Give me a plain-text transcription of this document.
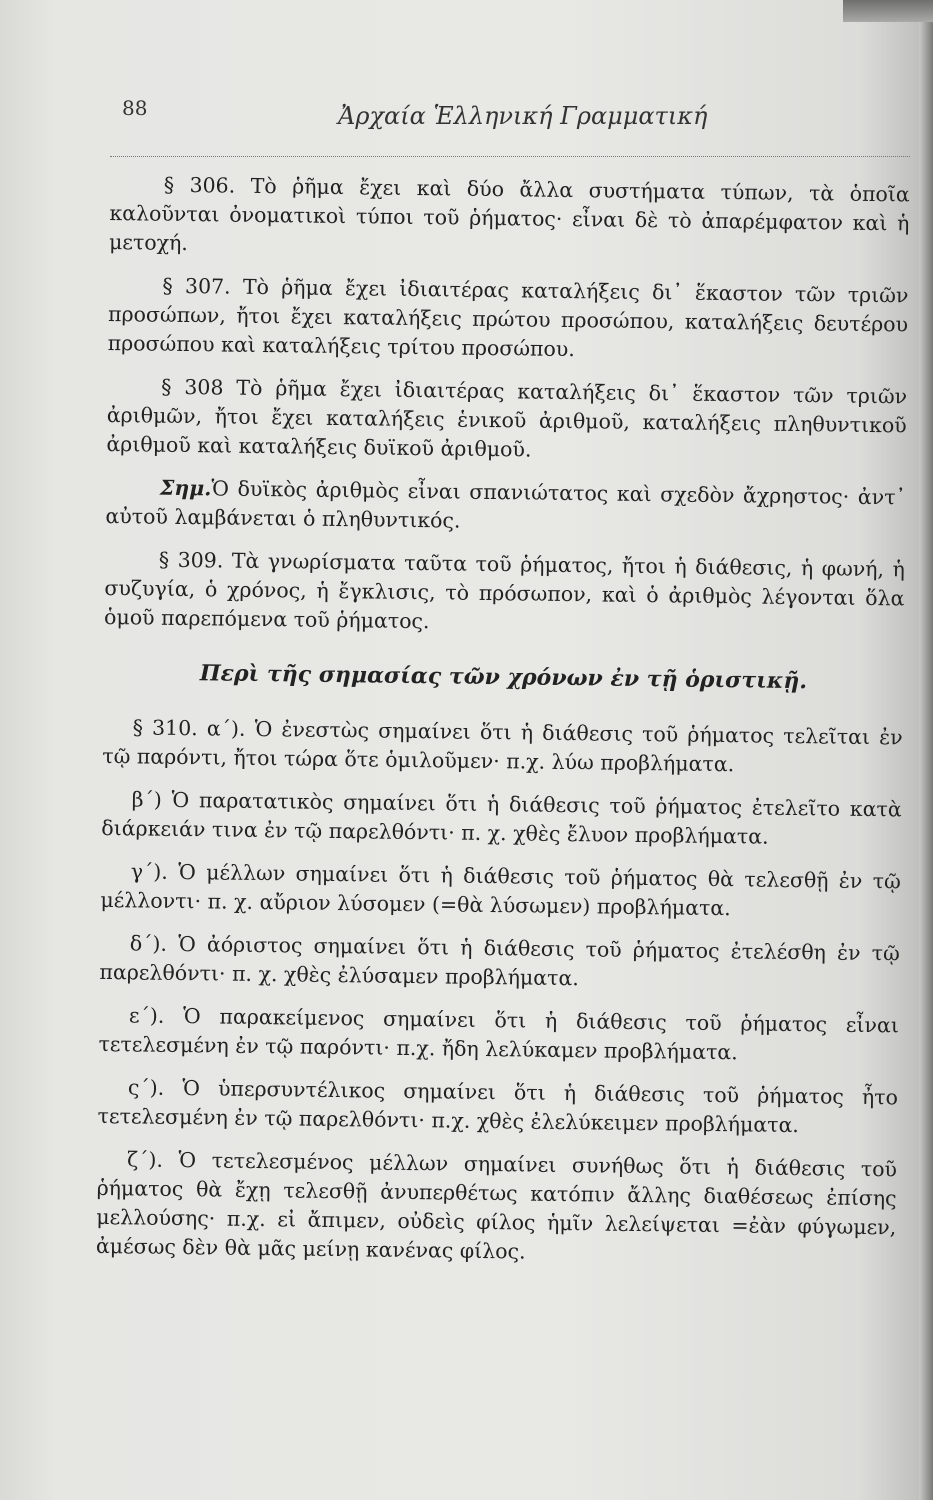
88	Ἀρχαία Ἑλληνική Γραμματική

§ 306. Τὸ ῥῆμα ἔχει καὶ δύο ἄλλα συστήματα τύπων, τὰ ὁποῖα καλοῦνται ὀνοματικοὶ τύποι τοῦ ῥήματος· εἶναι δὲ τὸ ἀπαρέμφατον καὶ ἡ μετοχή.

§ 307. Τὸ ῥῆμα ἔχει ἰδιαιτέρας καταλήξεις δι᾿ ἕκαστον τῶν τριῶν προσώπων, ἤτοι ἔχει καταλήξεις πρώτου προσώπου, καταλήξεις δευτέρου προσώπου καὶ καταλήξεις τρίτου προσώπου.

§ 308 Τὸ ῥῆμα ἔχει ἰδιαιτέρας καταλήξεις δι᾿ ἕκαστον τῶν τριῶν ἀριθμῶν, ἤτοι ἔχει καταλήξεις ἑνικοῦ ἀριθμοῦ, καταλήξεις πληθυντικοῦ ἀριθμοῦ καὶ καταλήξεις δυϊκοῦ ἀριθμοῦ.

Σημ.Ὁ δυϊκὸς ἀριθμὸς εἶναι σπανιώτατος καὶ σχεδὸν ἄχρηστος· ἀντ᾿ αὐτοῦ λαμβάνεται ὁ πληθυντικός.

§ 309. Τὰ γνωρίσματα ταῦτα τοῦ ῥήματος, ἤτοι ἡ διάθεσις, ἡ φωνή, ἡ συζυγία, ὁ χρόνος, ἡ ἔγκλισις, τὸ πρόσωπον, καὶ ὁ ἀριθμὸς λέγονται ὅλα ὁμοῦ παρεπόμενα τοῦ ῥήματος.

Περὶ τῆς σημασίας τῶν χρόνων ἐν τῇ ὁριστικῇ.

§ 310. α΄). Ὁ ἐνεστὼς σημαίνει ὅτι ἡ διάθεσις τοῦ ῥήματος τελεῖται ἐν τῷ παρόντι, ἤτοι τώρα ὅτε ὁμιλοῦμεν· π.χ. λύω προβλήματα.

β΄) Ὁ παρατατικὸς σημαίνει ὅτι ἡ διάθεσις τοῦ ῥήματος ἐτελεῖτο κατὰ διάρκειάν τινα ἐν τῷ παρελθόντι· π. χ. χθὲς ἔλυον προβλήματα.

γ΄). Ὁ μέλλων σημαίνει ὅτι ἡ διάθεσις τοῦ ῥήματος θὰ τελεσθῇ ἐν τῷ μέλλοντι· π. χ. αὔριον λύσομεν (=θὰ λύσωμεν) προβλήματα.

δ΄). Ὁ ἀόριστος σημαίνει ὅτι ἡ διάθεσις τοῦ ῥήματος ἐτελέσθη ἐν τῷ παρελθόντι· π. χ. χθὲς ἐλύσαμεν προβλήματα.

ε΄). Ὁ παρακείμενος σημαίνει ὅτι ἡ διάθεσις τοῦ ῥήματος εἶναι τετελεσμένη ἐν τῷ παρόντι· π.χ. ἤδη λελύκαμεν προβλήματα.

ς΄). Ὁ ὑπερσυντέλικος σημαίνει ὅτι ἡ διάθεσις τοῦ ῥήματος ἦτο τετελεσμένη ἐν τῷ παρελθόντι· π.χ. χθὲς ἐλελύκειμεν προβλήματα.

ζ΄). Ὁ τετελεσμένος μέλλων σημαίνει συνήθως ὅτι ἡ διάθεσις τοῦ ῥήματος θὰ ἔχῃ τελεσθῇ ἀνυπερθέτως κατόπιν ἄλλης διαθέσεως ἐπίσης μελλούσης· π.χ. εἰ ἄπιμεν, οὐδεὶς φίλος ἡμῖν λελείψεται =ἐὰν φύγωμεν, ἀμέσως δὲν θὰ μᾶς μείνῃ κανένας φίλος.
